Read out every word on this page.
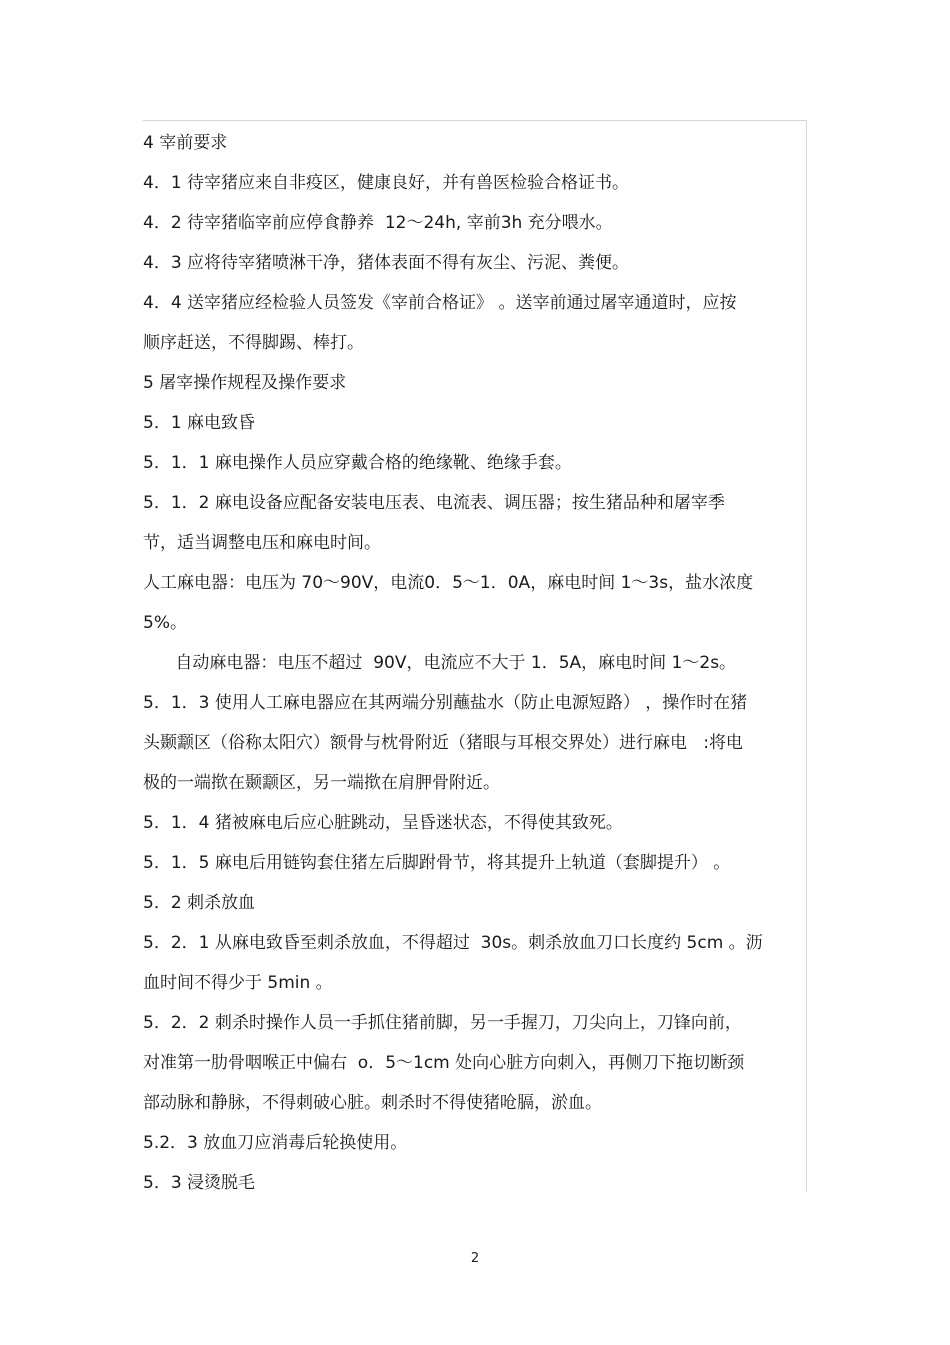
4 宰前要求
4．1 待宰猪应来自非疫区，健康良好，并有兽医检验合格证书。
4．2 待宰猪临宰前应停食静养  12～24h, 宰前3h 充分喂水。
4．3 应将待宰猪喷淋干净，猪体表面不得有灰尘、污泥、粪便。
4．4 送宰猪应经检验人员签发《宰前合格证》 。送宰前通过屠宰通道时，应按
顺序赶送，不得脚踢、棒打。
5 屠宰操作规程及操作要求
5．1 麻电致昏
5．1．1 麻电操作人员应穿戴合格的绝缘靴、绝缘手套。
5．1．2 麻电设备应配备安装电压表、电流表、调压器；按生猪品种和屠宰季
节，适当调整电压和麻电时间。
人工麻电器：电压为 70～90V，电流0．5～1．0A，麻电时间 1～3s，盐水浓度
5%。
自动麻电器：电压不超过  90V，电流应不大于 1．5A，麻电时间 1～2s。
5．1．3 使用人工麻电器应在其两端分别蘸盐水（防止电源短路） ，操作时在猪
头颞颥区（俗称太阳穴）额骨与枕骨附近（猪眼与耳根交界处）进行麻电   :将电
极的一端揿在颞颥区，另一端揿在肩胛骨附近。
5．1．4 猪被麻电后应心脏跳动，呈昏迷状态，不得使其致死。
5．1．5 麻电后用链钩套住猪左后脚跗骨节，将其提升上轨道（套脚提升） 。
5．2 刺杀放血
5．2．1 从麻电致昏至刺杀放血，不得超过  30s。刺杀放血刀口长度约 5cm 。沥
血时间不得少于 5min 。
5．2．2 刺杀时操作人员一手抓住猪前脚，另一手握刀，刀尖向上，刀锋向前，
对准第一肋骨咽喉正中偏右  o．5～1cm 处向心脏方向刺入，再侧刀下拖切断颈
部动脉和静脉，不得刺破心脏。刺杀时不得使猪呛膈，淤血。
5.2．3 放血刀应消毒后轮换使用。
5．3 浸烫脱毛
2
